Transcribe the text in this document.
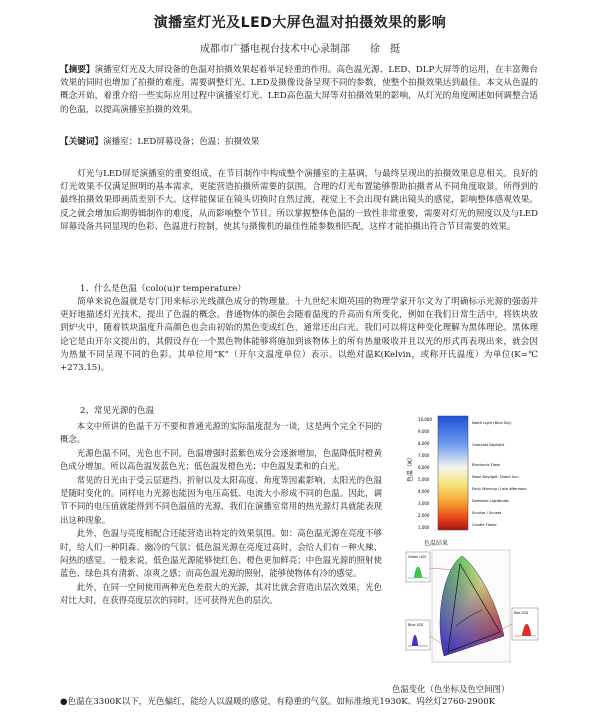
演播室灯光及LED大屏色温对拍摄效果的影响
成都市广播电视台技术中心录制部　　徐　挺
【摘要】演播室灯光及大屏设备的色温对拍摄效果起着举足轻重的作用。高色温光源、LED、DLP大屏等的运用，在丰富舞台效果的同时也增加了拍摄的难度。需要调整灯光、LED及摄像设备呈现不同的参数，使整个拍摄效果达到最佳。本文从色温的概念开始，着重介绍一些实际应用过程中演播室灯光、LED高色温大屏等对拍摄效果的影响，从灯光的角度阐述如何调整合适的色温，以提高演播室拍摄的效果。
【关键词】演播室；LED屏幕设备；色温；拍摄效果
灯光与LED屏是演播室的重要组成，在节目制作中构成整个演播室的主基调，与最终呈现出的拍摄效果息息相关。良好的灯光效果不仅满足照明的基本需求，更能营造拍摄所需要的氛围。合理的灯光布置能够帮助拍摄者从不同角度取景，所得到的最终拍摄效果即画质差别不大。这样能保证在镜头切换时自然过渡，视觉上不会出现有跳出镜头的感觉，影响整体感观效果。反之就会增加后期剪辑制作的难度，从而影响整个节目。所以掌握整体色温的一致性非常重要，需要对灯光的照度以及与LED屏幕设备共同显现的色彩、色温进行控制，使其与摄像机的最佳性能参数相匹配，这样才能拍摄出符合节目需要的效果。
1、什么是色温（colo(u)r temperature）
简单来说色温就是专门用来标示光线颜色成分的物理量。十九世纪末期英国的物理学家开尔文为了明确标示光源的强弱并更好地描述灯光技术，提出了色温的概念。普通物体的颜色会随着温度的升高而有所变化，例如在我们日常生活中，将铁块放到炉火中，随着铁块温度升高颜色也会由初始的黑色变成红色，通常还出白光。我们可以将这种变化理解为黑体理论。黑体理论它是由开尔文提出的，其假设存在一个黑色物体能够将施加到该物体上的所有热量吸收并且以光的形式再表现出来，就会因为热量不同呈现不同的色彩。其单位用“K”（开尔文温度单位）表示。以绝对温K(Kelvin，或称开氏温度）为单位(K=℃+273.15)。
2、常见光源的色温
本文中所讲的色温千万不要和普通光源的实际温度混为一谈，这是两个完全不同的概念。
光源色温不同，光色也不同。色温增强时蓝紫色成分会逐渐增加，色温降低时橙黄色成分增加。所以高色温发蓝色光；低色温发橙色光；中色温发柔和的白光。
常见的日光由于受云层遮挡、折射以及太阳高度、角度等因素影响，太阳光的色温是随时变化的。同样电力光源也能因为电压高低、电流大小形成不同的色温。因此，调节不同的电压值就能得到不同色温值的光源，我们在演播室常用的热光源灯具就能表现出这种现象。
此外，色温与亮度相配合还能营造出特定的效果氛围。如：高色温光源在亮度不够时，给人们一种阴森、幽冷的气氛；低色温光源在亮度过高时，会给人们有一种火辣、闷热的感觉。一般来说，低色温光源能够使红色、橙色更加鲜亮；中色温光源的照射使蓝色、绿色具有清新、凉爽之感；而高色温光源的照射，能够使物体有冷的感觉。
此外，在同一空间使用两种光色差很大的光源，其对比就会营造出层次效果，光色对比大时，在获得亮度层次的同时，还可获得光色的层次。
●色温在3300K以下，光色偏红，能给人以温暖的感觉，有稳重的气氛。如标准烛光1930K、钨丝灯2760-2900K
色温（K）
10,000
9,000
8,000
7,000
6,000
5,000
4,000
3,000
2,000
1,000
North Light (Blue Sky)
Overcast Daylight
Electronic Flash
Noon Daylight, Direct Sun
Early Morning / Late Afternoon
Domestic Lightbulbs
Sunrise / Sunset
Candle Flame
色温结果
Green LED
Blue LED
Red LED
色温变化（色坐标及色空间图）
